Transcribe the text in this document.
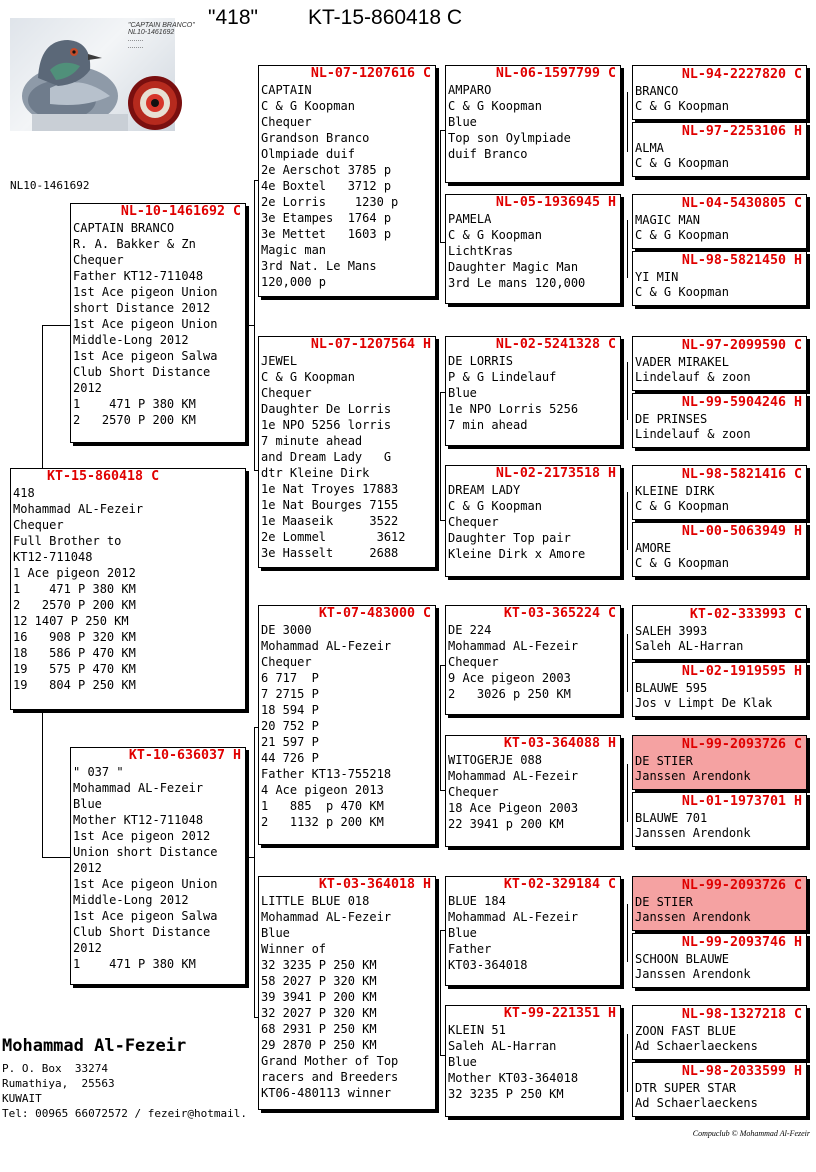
"418" KT-15-860418 C
"CAPTAIN BRANCO"
NL10-1461692
........
........
NL10-1461692
KT-15-860418 C
418
Mohammad AL-Fezeir
Chequer
Full Brother to
KT12-711048
1 Ace pigeon 2012
1    471 P 380 KM
2   2570 P 200 KM
12 1407 P 250 KM
16   908 P 320 KM
18   586 P 470 KM
19   575 P 470 KM
19   804 P 250 KM
NL-10-1461692 C
CAPTAIN BRANCO
R. A. Bakker & Zn
Chequer
Father KT12-711048
1st Ace pigeon Union
short Distance 2012
1st Ace pigeon Union
Middle-Long 2012
1st Ace pigeon Salwa
Club Short Distance
2012
1    471 P 380 KM
2   2570 P 200 KM
KT-10-636037 H
" 037 "
Mohammad AL-Fezeir
Blue
Mother KT12-711048
1st Ace pigeon 2012
Union short Distance
2012
1st Ace pigeon Union
Middle-Long 2012
1st Ace pigeon Salwa
Club Short Distance
2012
1    471 P 380 KM
NL-07-1207616 C
CAPTAIN
C & G Koopman
Chequer
Grandson Branco
Olmpiade duif
2e Aerschot 3785 p
4e Boxtel   3712 p
2e Lorris    1230 p
3e Etampes  1764 p
3e Mettet   1603 p
Magic man
3rd Nat. Le Mans
120,000 p
NL-07-1207564 H
JEWEL
C & G Koopman
Chequer
Daughter De Lorris
1e NPO 5256 lorris
7 minute ahead
and Dream Lady   G
dtr Kleine Dirk
1e Nat Troyes 17883
1e Nat Bourges 7155
1e Maaseik     3522
2e Lommel       3612
3e Hasselt     2688
KT-07-483000 C
DE 3000
Mohammad AL-Fezeir
Chequer
6 717  P
7 2715 P
18 594 P
20 752 P
21 597 P
44 726 P
Father KT13-755218
4 Ace pigeon 2013
1   885  p 470 KM
2   1132 p 200 KM
KT-03-364018 H
LITTLE BLUE 018
Mohammad AL-Fezeir
Blue
Winner of
32 3235 P 250 KM
58 2027 P 320 KM
39 3941 P 200 KM
32 2027 P 320 KM
68 2931 P 250 KM
29 2870 P 250 KM
Grand Mother of Top
racers and Breeders
KT06-480113 winner
NL-06-1597799 C
AMPARO
C & G Koopman
Blue
Top son Oylmpiade
duif Branco
NL-05-1936945 H
PAMELA
C & G Koopman
LichtKras
Daughter Magic Man
3rd Le mans 120,000
NL-02-5241328 C
DE LORRIS
P & G Lindelauf
Blue
1e NPO Lorris 5256
7 min ahead
NL-02-2173518 H
DREAM LADY
C & G Koopman
Chequer
Daughter Top pair
Kleine Dirk x Amore
KT-03-365224 C
DE 224
Mohammad AL-Fezeir
Chequer
9 Ace pigeon 2003
2   3026 p 250 KM
KT-03-364088 H
WITOGERJE 088
Mohammad AL-Fezeir
Chequer
18 Ace Pigeon 2003
22 3941 p 200 KM
KT-02-329184 C
BLUE 184
Mohammad AL-Fezeir
Blue
Father
KT03-364018
KT-99-221351 H
KLEIN 51
Saleh AL-Harran
Blue
Mother KT03-364018
32 3235 P 250 KM
NL-94-2227820 C
BRANCO
C & G Koopman
NL-97-2253106 H
ALMA
C & G Koopman
NL-04-5430805 C
MAGIC MAN
C & G Koopman
NL-98-5821450 H
YI MIN
C & G Koopman
NL-97-2099590 C
VADER MIRAKEL
Lindelauf & zoon
NL-99-5904246 H
DE PRINSES
Lindelauf & zoon
NL-98-5821416 C
KLEINE DIRK
C & G Koopman
NL-00-5063949 H
AMORE
C & G Koopman
KT-02-333993 C
SALEH 3993
Saleh AL-Harran
NL-02-1919595 H
BLAUWE 595
Jos v Limpt De Klak
NL-99-2093726 C
DE STIER
Janssen Arendonk
NL-01-1973701 H
BLAUWE 701
Janssen Arendonk
NL-99-2093726 C
DE STIER
Janssen Arendonk
NL-99-2093746 H
SCHOON BLAUWE
Janssen Arendonk
NL-98-1327218 C
ZOON FAST BLUE
Ad Schaerlaeckens
NL-98-2033599 H
DTR SUPER STAR
Ad Schaerlaeckens
Mohammad Al-Fezeir
P. O. Box  33274
Rumathiya,  25563
KUWAIT
Tel: 00965 66072572 / fezeir@hotmail.
Compuclub © Mohammad Al-Fezeir
